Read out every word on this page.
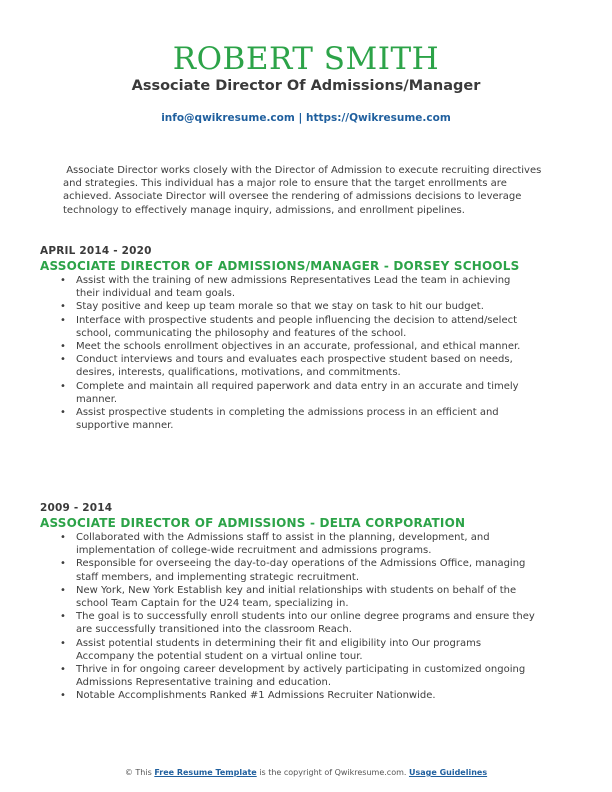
ROBERT SMITH
Associate Director Of Admissions/Manager
info@qwikresume.com | https://Qwikresume.com
Associate Director works closely with the Director of Admission to execute recruiting directives and strategies. This individual has a major role to ensure that the target enrollments are achieved. Associate Director will oversee the rendering of admissions decisions to leverage technology to effectively manage inquiry, admissions, and enrollment pipelines.
APRIL 2014 - 2020
ASSOCIATE DIRECTOR OF ADMISSIONS/MANAGER - DORSEY SCHOOLS
• Assist with the training of new admissions Representatives Lead the team in achieving their individual and team goals.
• Stay positive and keep up team morale so that we stay on task to hit our budget.
• Interface with prospective students and people influencing the decision to attend/select school, communicating the philosophy and features of the school.
• Meet the schools enrollment objectives in an accurate, professional, and ethical manner.
• Conduct interviews and tours and evaluates each prospective student based on needs, desires, interests, qualifications, motivations, and commitments.
• Complete and maintain all required paperwork and data entry in an accurate and timely manner.
• Assist prospective students in completing the admissions process in an efficient and supportive manner.
2009 - 2014
ASSOCIATE DIRECTOR OF ADMISSIONS - DELTA CORPORATION
• Collaborated with the Admissions staff to assist in the planning, development, and implementation of college-wide recruitment and admissions programs.
• Responsible for overseeing the day-to-day operations of the Admissions Office, managing staff members, and implementing strategic recruitment.
• New York, New York Establish key and initial relationships with students on behalf of the school Team Captain for the U24 team, specializing in.
• The goal is to successfully enroll students into our online degree programs and ensure they are successfully transitioned into the classroom Reach.
• Assist potential students in determining their fit and eligibility into Our programs Accompany the potential student on a virtual online tour.
• Thrive in for ongoing career development by actively participating in customized ongoing Admissions Representative training and education.
• Notable Accomplishments Ranked #1 Admissions Recruiter Nationwide.
© This Free Resume Template is the copyright of Qwikresume.com. Usage Guidelines
